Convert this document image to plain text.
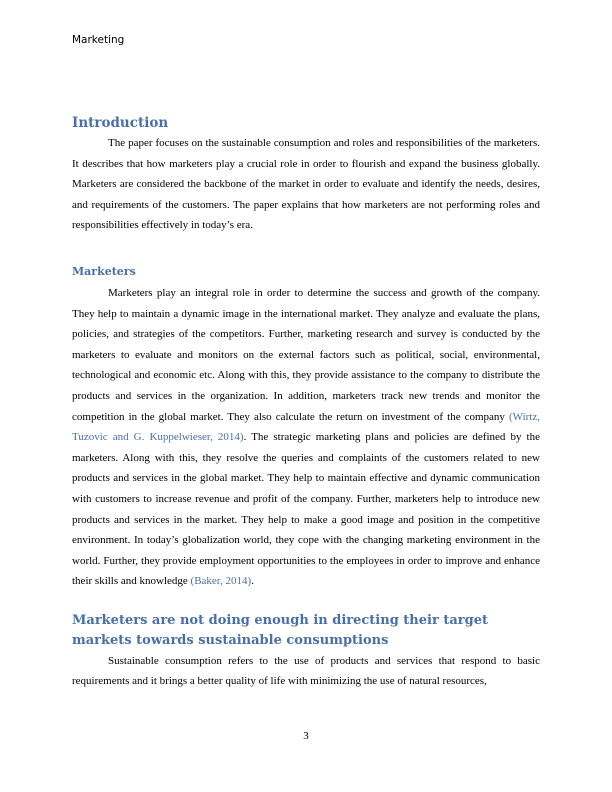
Marketing
Introduction

The paper focuses on the sustainable consumption and roles and responsibilities of the marketers. It describes that how marketers play a crucial role in order to flourish and expand the business globally. Marketers are considered the backbone of the market in order to evaluate and identify the needs, desires, and requirements of the customers. The paper explains that how marketers are not performing roles and responsibilities effectively in today’s era.

Marketers

Marketers play an integral role in order to determine the success and growth of the company. They help to maintain a dynamic image in the international market. They analyze and evaluate the plans, policies, and strategies of the competitors. Further, marketing research and survey is conducted by the marketers to evaluate and monitors on the external factors such as political, social, environmental, technological and economic etc. Along with this, they provide assistance to the company to distribute the products and services in the organization. In addition, marketers track new trends and monitor the competition in the global market. They also calculate the return on investment of the company (Wirtz, Tuzovic and G. Kuppelwieser, 2014). The strategic marketing plans and policies are defined by the marketers. Along with this, they resolve the queries and complaints of the customers related to new products and services in the global market. They help to maintain effective and dynamic communication with customers to increase revenue and profit of the company. Further, marketers help to introduce new products and services in the market. They help to make a good image and position in the competitive environment. In today’s globalization world, they cope with the changing marketing environment in the world. Further, they provide employment opportunities to the employees in order to improve and enhance their skills and knowledge (Baker, 2014).

Marketers are not doing enough in directing their target markets towards sustainable consumptions

Sustainable consumption refers to the use of products and services that respond to basic requirements and it brings a better quality of life with minimizing the use of natural resources,

3
